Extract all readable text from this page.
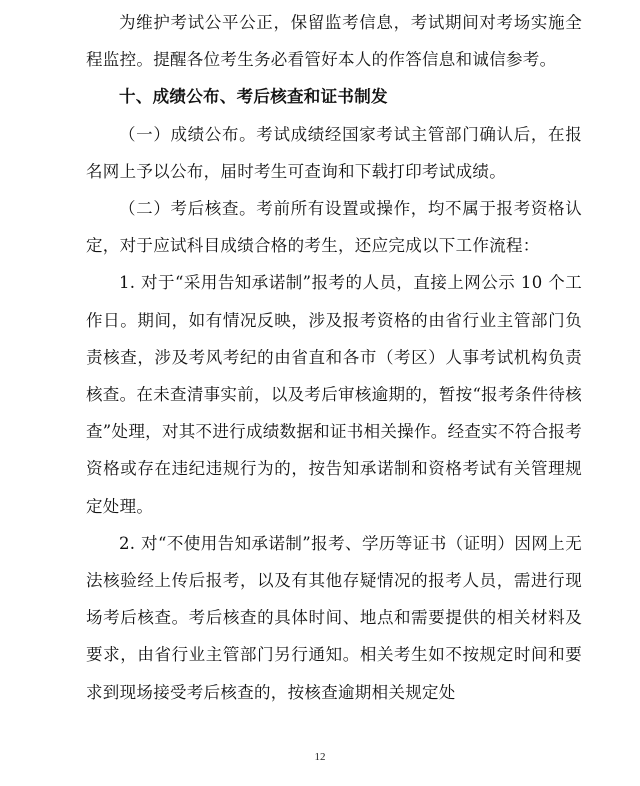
为维护考试公平公正，保留监考信息，考试期间对考场实施全程监控。提醒各位考生务必看管好本人的作答信息和诚信参考。

十、成绩公布、考后核查和证书制发

（一）成绩公布。考试成绩经国家考试主管部门确认后，在报名网上予以公布，届时考生可查询和下载打印考试成绩。

（二）考后核查。考前所有设置或操作，均不属于报考资格认定，对于应试科目成绩合格的考生，还应完成以下工作流程：

1. 对于“采用告知承诺制”报考的人员，直接上网公示 10 个工作日。期间，如有情况反映，涉及报考资格的由省行业主管部门负责核查，涉及考风考纪的由省直和各市（考区）人事考试机构负责核查。在未查清事实前，以及考后审核逾期的，暂按“报考条件待核查”处理，对其不进行成绩数据和证书相关操作。经查实不符合报考资格或存在违纪违规行为的，按告知承诺制和资格考试有关管理规定处理。

2. 对“不使用告知承诺制”报考、学历等证书（证明）因网上无法核验经上传后报考，以及有其他存疑情况的报考人员，需进行现场考后核查。考后核查的具体时间、地点和需要提供的相关材料及要求，由省行业主管部门另行通知。相关考生如不按规定时间和要求到现场接受考后核查的，按核查逾期相关规定处

12
